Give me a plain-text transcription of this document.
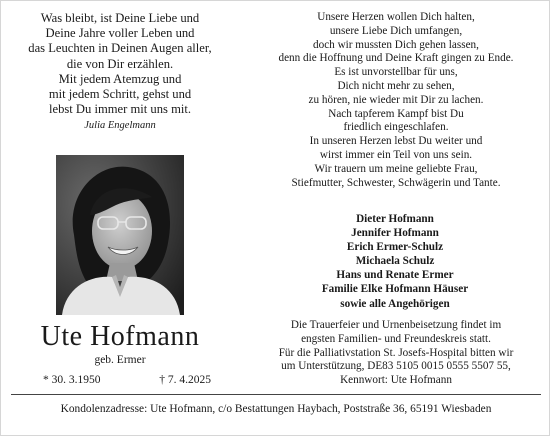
Was bleibt, ist Deine Liebe und
Deine Jahre voller Leben und
das Leuchten in Deinen Augen aller,
die von Dir erzählen.
Mit jedem Atemzug und
mit jedem Schritt, gehst und
lebst Du immer mit uns mit.
Julia Engelmann
Ute Hofmann
geb. Ermer
* 30. 3.1950	† 7. 4.2025
Unsere Herzen wollen Dich halten,
unsere Liebe Dich umfangen,
doch wir mussten Dich gehen lassen,
denn die Hoffnung und Deine Kraft gingen zu Ende.
Es ist unvorstellbar für uns,
Dich nicht mehr zu sehen,
zu hören, nie wieder mit Dir zu lachen.
Nach tapferem Kampf bist Du
friedlich eingeschlafen.
In unseren Herzen lebst Du weiter und
wirst immer ein Teil von uns sein.
Wir trauern um meine geliebte Frau,
Stiefmutter, Schwester, Schwägerin und Tante.
Dieter Hofmann
Jennifer Hofmann
Erich Ermer-Schulz
Michaela Schulz
Hans und Renate Ermer
Familie Elke Hofmann Häuser
sowie alle Angehörigen
Die Trauerfeier und Urnenbeisetzung findet im
engsten Familien- und Freundeskreis statt.
Für die Palliativstation St. Josefs-Hospital bitten wir
um Unterstützung, DE83 5105 0015 0555 5507 55,
Kennwort: Ute Hofmann
Kondolenzadresse: Ute Hofmann, c/o Bestattungen Haybach, Poststraße 36, 65191 Wiesbaden
